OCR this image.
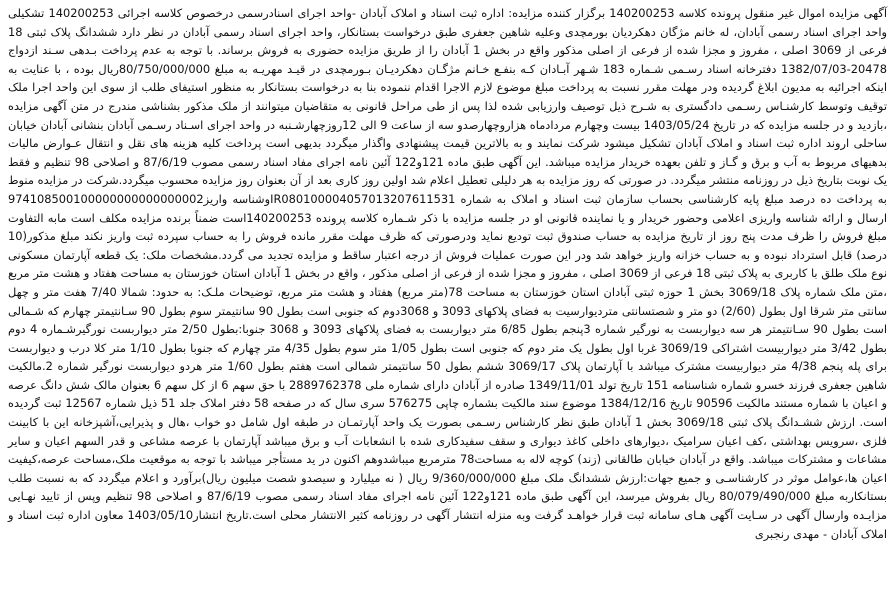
آگهی مزایده اموال غیر منقول پرونده کلاسه 140200253 برگزار کننده مزایده: اداره ثبت اسناد و املاک آبادان -واحد اجرای اسنادرسمی درخصوص کلاسه اجرائی 140200253 تشکیلی واحد اجرای اسناد رسمی آبادان، له خانم مژگان دهکردیان بورمچدی وعلیه شاهین جعفری طبق درخواست بستانکار، واحد اجرای اسناد رسمی آبادان در نظر دارد ششدانگ پلاک ثبتی 18 فرعی از 3069 اصلی ، مفروز و مجزا شده از فرعی از اصلی مذکور واقع در بخش 1 آبادان را از طریق مزایده حضوری به فروش برساند. با توجه به عدم پرداخت بـدهی سـند ازدواج 20478-1382/07/03 دفترخانه اسناد رسـمی شـماره 183 شـهر آبـادان کـه بنفـع خـانم مژگـان دهکردیـان بـورمچدی در قیـد مهریـه به مبلغ 80/750/000/000ریال بوده ، با عنایت به اینکه اجرائیه به مدیون ابلاغ گردیده ودر مهلت مقرر نسبت به پرداخت مبلغ موضوع لازم الاجرا اقدام ننموده بنا به درخواست بستانکار به منظور استیفای طلب از سوی این واحد اجرا ملک توقیف وتوسط کارشنـاس رسـمی دادگستری به شـرح ذیل توصیف وارزیابی شده لذا پس از طی مراحل قانونی به متقاضیان میتوانند از ملک مذکور بشناشی مندرج در متن آگهی مزایده ،بازدید و در جلسه مزایده که در تاریخ 1403/05/24 بیست وچهارم مردادماه هزاروچهارصدو سه از ساعت 9 الی 12روزچهارشـنبه در واحد اجرای اسـناد رسـمی آبادان بنشانی آبادان خیابان ساحلی اروند اداره ثبت اسناد و املاک آبادان تشکیل میشود شرکت نمایند و به بالاترین قیمت پیشنهادی واگذار میگردد بدیهی است پرداخت کلیه هزینه های نقل و انتقال عـوارض مالیات بدهیهای مربوط به آب و برق و گـاز و تلفن بعهده خریدار مزایده میباشد. این آگهی طبق ماده 121و122 آئین نامه اجرای مفاد اسناد رسمی مصوب 87/6/19 و اصلاحی 98 تنظیم و فقط یک نوبت بتاریخ ذیل در روزنامه منتشر میگردد. در صورتی که روز مزایده به هر دلیلی تعطیل اعلام شد اولین روز کاری بعد از آن بعنوان روز مزایده محسوب میگردد.شرکت در مزایده منوط به پرداخت ده درصد مبلغ پایه کارشناسی بحساب سازمان ثبت اسناد و املاک به شماره IR080100004057013207611531وشناسه واریز974108500100000000000000002 ارسال و ارائه شناسه واریزی اعلامی وحضور خریدار و یا نماینده قانونی او در جلسه مزایده با ذکر شـماره کلاسه پرونده 140200253است ضمناً برنده مزایده مکلف است مابه التفاوت مبلغ فروش را ظرف مدت پنج روز از تاریخ مزایده به حساب صندوق ثبت تودیع نماید ودرصورتی که ظرف مهلت مقرر مانده فروش را به حساب سپرده ثبت واریز نکند مبلغ مذکور(10 درصد) قابل استرداد نبوده و به حساب خزانه واریز خواهد شد ودر این صورت عملیات فروش از درجه اعتبار ساقط و مزایده تجدید می گردد.مشخصات ملک: یک قطعه آپارتمان مسکونی نوع ملک طلق با کاربری به پلاک ثبتی 18 فرعی از 3069 اصلی ، مفروز و مجزا شده از فرعی از اصلی مذکور ، واقع در بخش 1 آبادان استان خوزستان به مساحت هفتاد و هشت متر مربع ،متن ملک شماره پلاک 3069/18 بخش 1 حوزه ثبتی آبادان استان خوزستان به مساحت 78(متر مربع) هفتاد و هشت متر مربع، توضیحات ملـک: به حدود: شمالا 7/40 هفت متر و چهل سانتی متر شرقا اول بطول (2/60) دو متر و شصتسانتی متردیوارسیت به فضای پلاکهای 3093 و 3068دوم که جنوبی است بطول 90 سانتیمتر سوم بطول 90 سـانتیمتر چهارم که شـمالی است بطول 90 سـانتیمتر هر سه دیواربست به نورگیر شماره 3پنجم بطول 6/85 متر دیواربست به فضای پلاکهای 3093 و 3068 جنوبا:بطول 2/50 متر دیواربست نورگیرشـماره 4 دوم بطول 3/42 متر دیواربیست اشتراکی 3069/19 غربا اول بطول یک متر دوم که جنوبی است بطول 1/05 متر سوم بطول 4/35 متر چهارم که جنوبا بطول 1/10 متر کلا درب و دیواربست برای پله پنجم 4/38 متر دیواربیست مشترک میباشد با آپارتمان پلاک 3069/17 ششم بطول 50 سانتیمتر شمالی است هفتم بطول 1/60 متر هردو دیواربست نورگیر شماره 2.مالکیت شاهین جعفری فرزند خسرو شماره شناسنامه 151 تاریخ تولد 1349/11/01 صادره از آبادان دارای شماره ملی 2889762378 با حق سهم 6 از کل سهم 6 بعنوان مالک شش دانگ عرصه و اعیان با شماره مستند مالکیت 90596 تاریخ 1384/12/16 موضوع سند مالکیت بشماره چاپی 576275 سری سال که در صفحه 58 دفتر املاک جلد 51 ذیل شماره 12567 ثبت گردیده است. ارزش ششـدانگ پلاک ثبتی 3069/18 بخش 1 آبادان طبق نظر کارشناس رسـمی بصورت یک واحد آپارتمـان در طبقه اول شامل دو خواب ،هال و پذیرایی،آشپزخانه این با کابینت فلزی ،سرویس بهداشتی ،کف اعیان سرامیک ،دیوارهای داخلی کاغذ دیواری و سقف سفیدکاری شده با انشعابات آب و برق میباشد آپارتمان با عرصه مشاعی و قدر السهم اعیان و سایر مشاعات و مشترکات میباشد. واقع در آبادان خیابان طالقانی (زند) کوچه لاله به مساحت78 مترمربع میباشدوهم اکنون در ید مستأجر میباشد با توجه به موقعیت ملک،مساحت عرصه،کیفیت اعیان ها،عوامل موثر در کارشناسـی و جمیع جهات:ارزش ششدانگ ملک مبلغ 9/360/000/000 ریال ( نه میلیارد و سیصدو شصت میلیون ریال)برآورد و اعلام میگردد که به نسبت طلب بستانکاربه مبلغ 80/079/490/000 ریال بفروش میرسد، این آگهی طبق ماده 121و122 آئین نامه اجرای مفاد اسناد رسمی مصوب 87/6/19 و اصلاحی 98 تنظیم وپس از تایید نهـایی مزایـده وارسال آگهی در سـایت آگهی هـای سامانه ثبت قرار خواهـد گرفت وبه منزله انتشار آگهی در روزنامه کثیر الانتشار محلی است.تاریخ انتشار1403/05/10 معاون اداره ثبت اسناد و املاک آبادان - مهدی رنجبری
